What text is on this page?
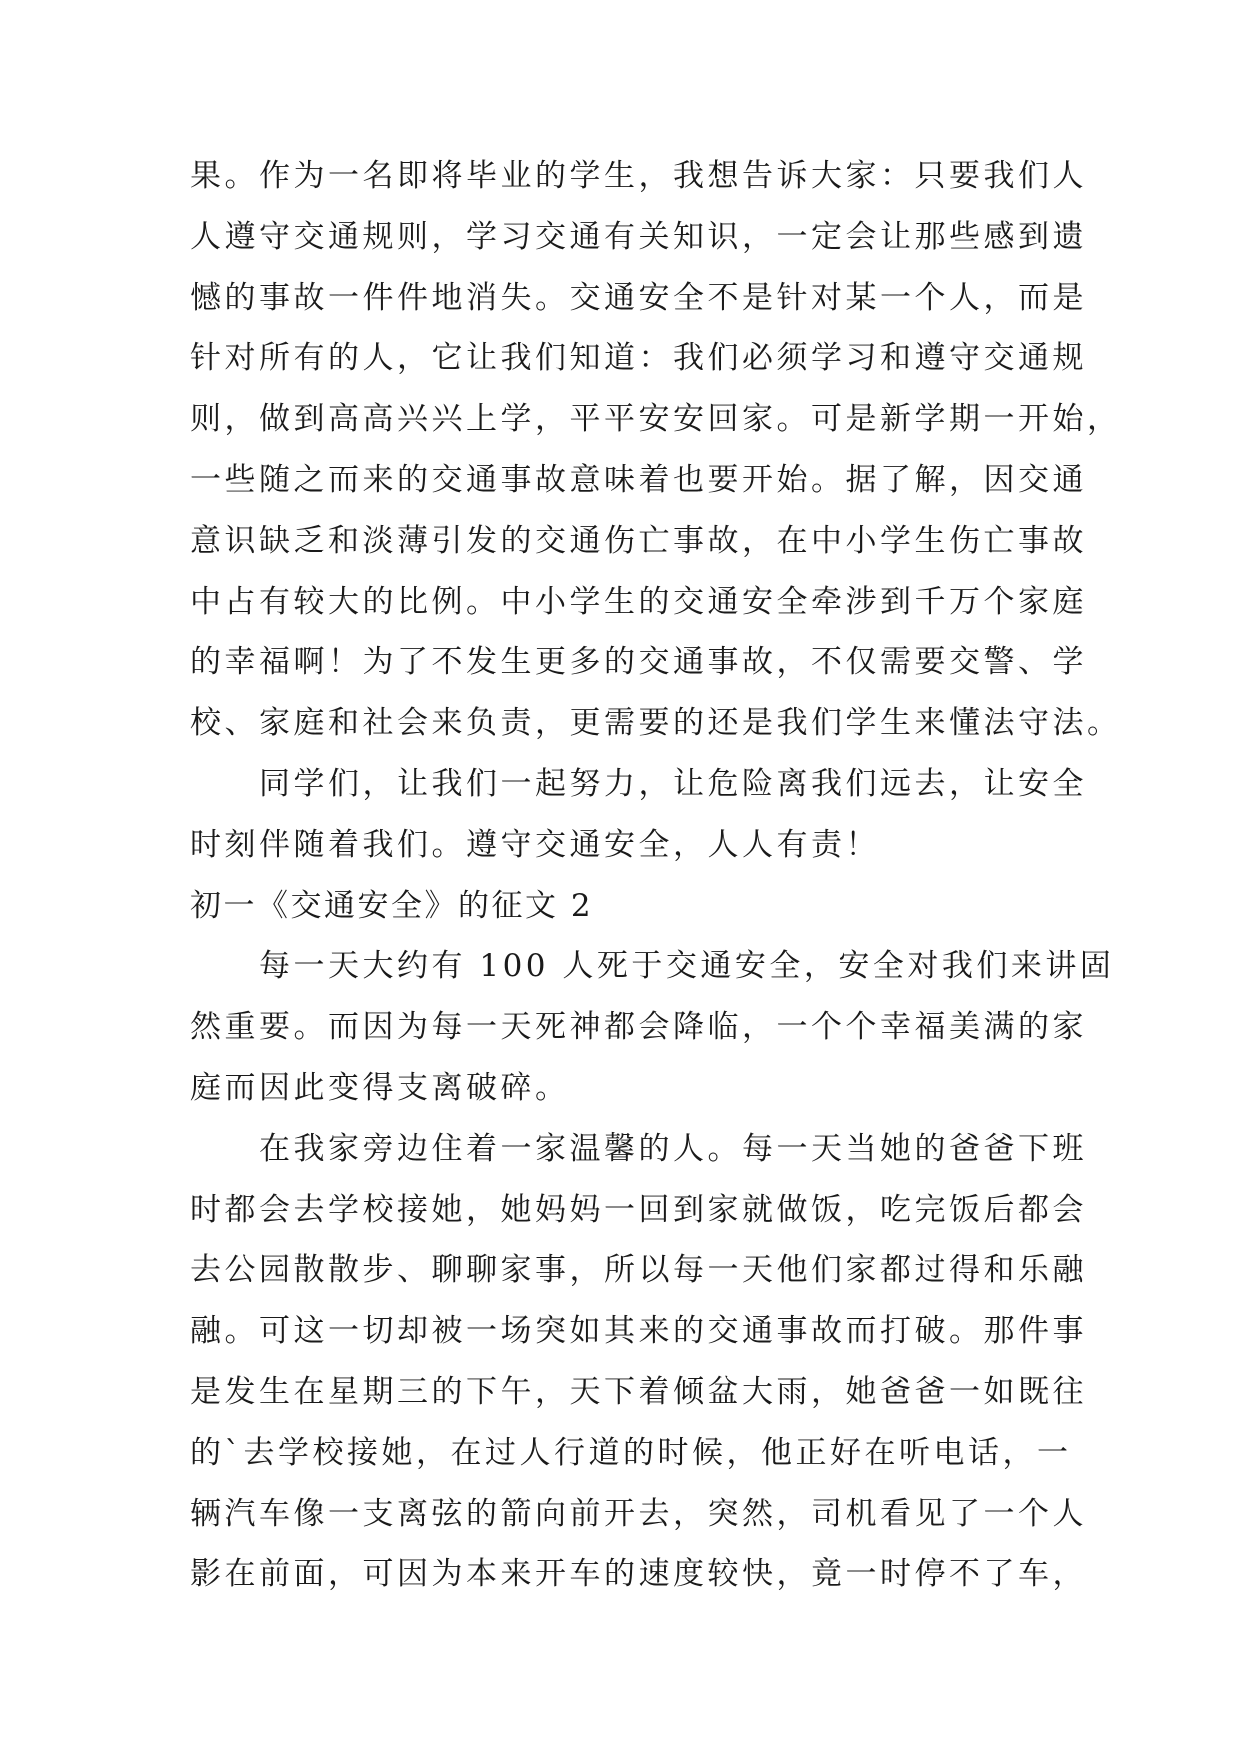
果。作为一名即将毕业的学生，我想告诉大家：只要我们人
人遵守交通规则，学习交通有关知识，一定会让那些感到遗
憾的事故一件件地消失。交通安全不是针对某一个人，而是
针对所有的人，它让我们知道：我们必须学习和遵守交通规
则，做到高高兴兴上学，平平安安回家。可是新学期一开始，
一些随之而来的交通事故意味着也要开始。据了解，因交通
意识缺乏和淡薄引发的交通伤亡事故，在中小学生伤亡事故
中占有较大的比例。中小学生的交通安全牵涉到千万个家庭
的幸福啊！为了不发生更多的交通事故，不仅需要交警、学
校、家庭和社会来负责，更需要的还是我们学生来懂法守法。
同学们，让我们一起努力，让危险离我们远去，让安全
时刻伴随着我们。遵守交通安全，人人有责！
初一《交通安全》的征文 2
每一天大约有 100 人死于交通安全，安全对我们来讲固
然重要。而因为每一天死神都会降临，一个个幸福美满的家
庭而因此变得支离破碎。
在我家旁边住着一家温馨的人。每一天当她的爸爸下班
时都会去学校接她，她妈妈一回到家就做饭，吃完饭后都会
去公园散散步、聊聊家事，所以每一天他们家都过得和乐融
融。可这一切却被一场突如其来的交通事故而打破。那件事
是发生在星期三的下午，天下着倾盆大雨，她爸爸一如既往
的`去学校接她，在过人行道的时候，他正好在听电话，一
辆汽车像一支离弦的箭向前开去，突然，司机看见了一个人
影在前面，可因为本来开车的速度较快，竟一时停不了车，
